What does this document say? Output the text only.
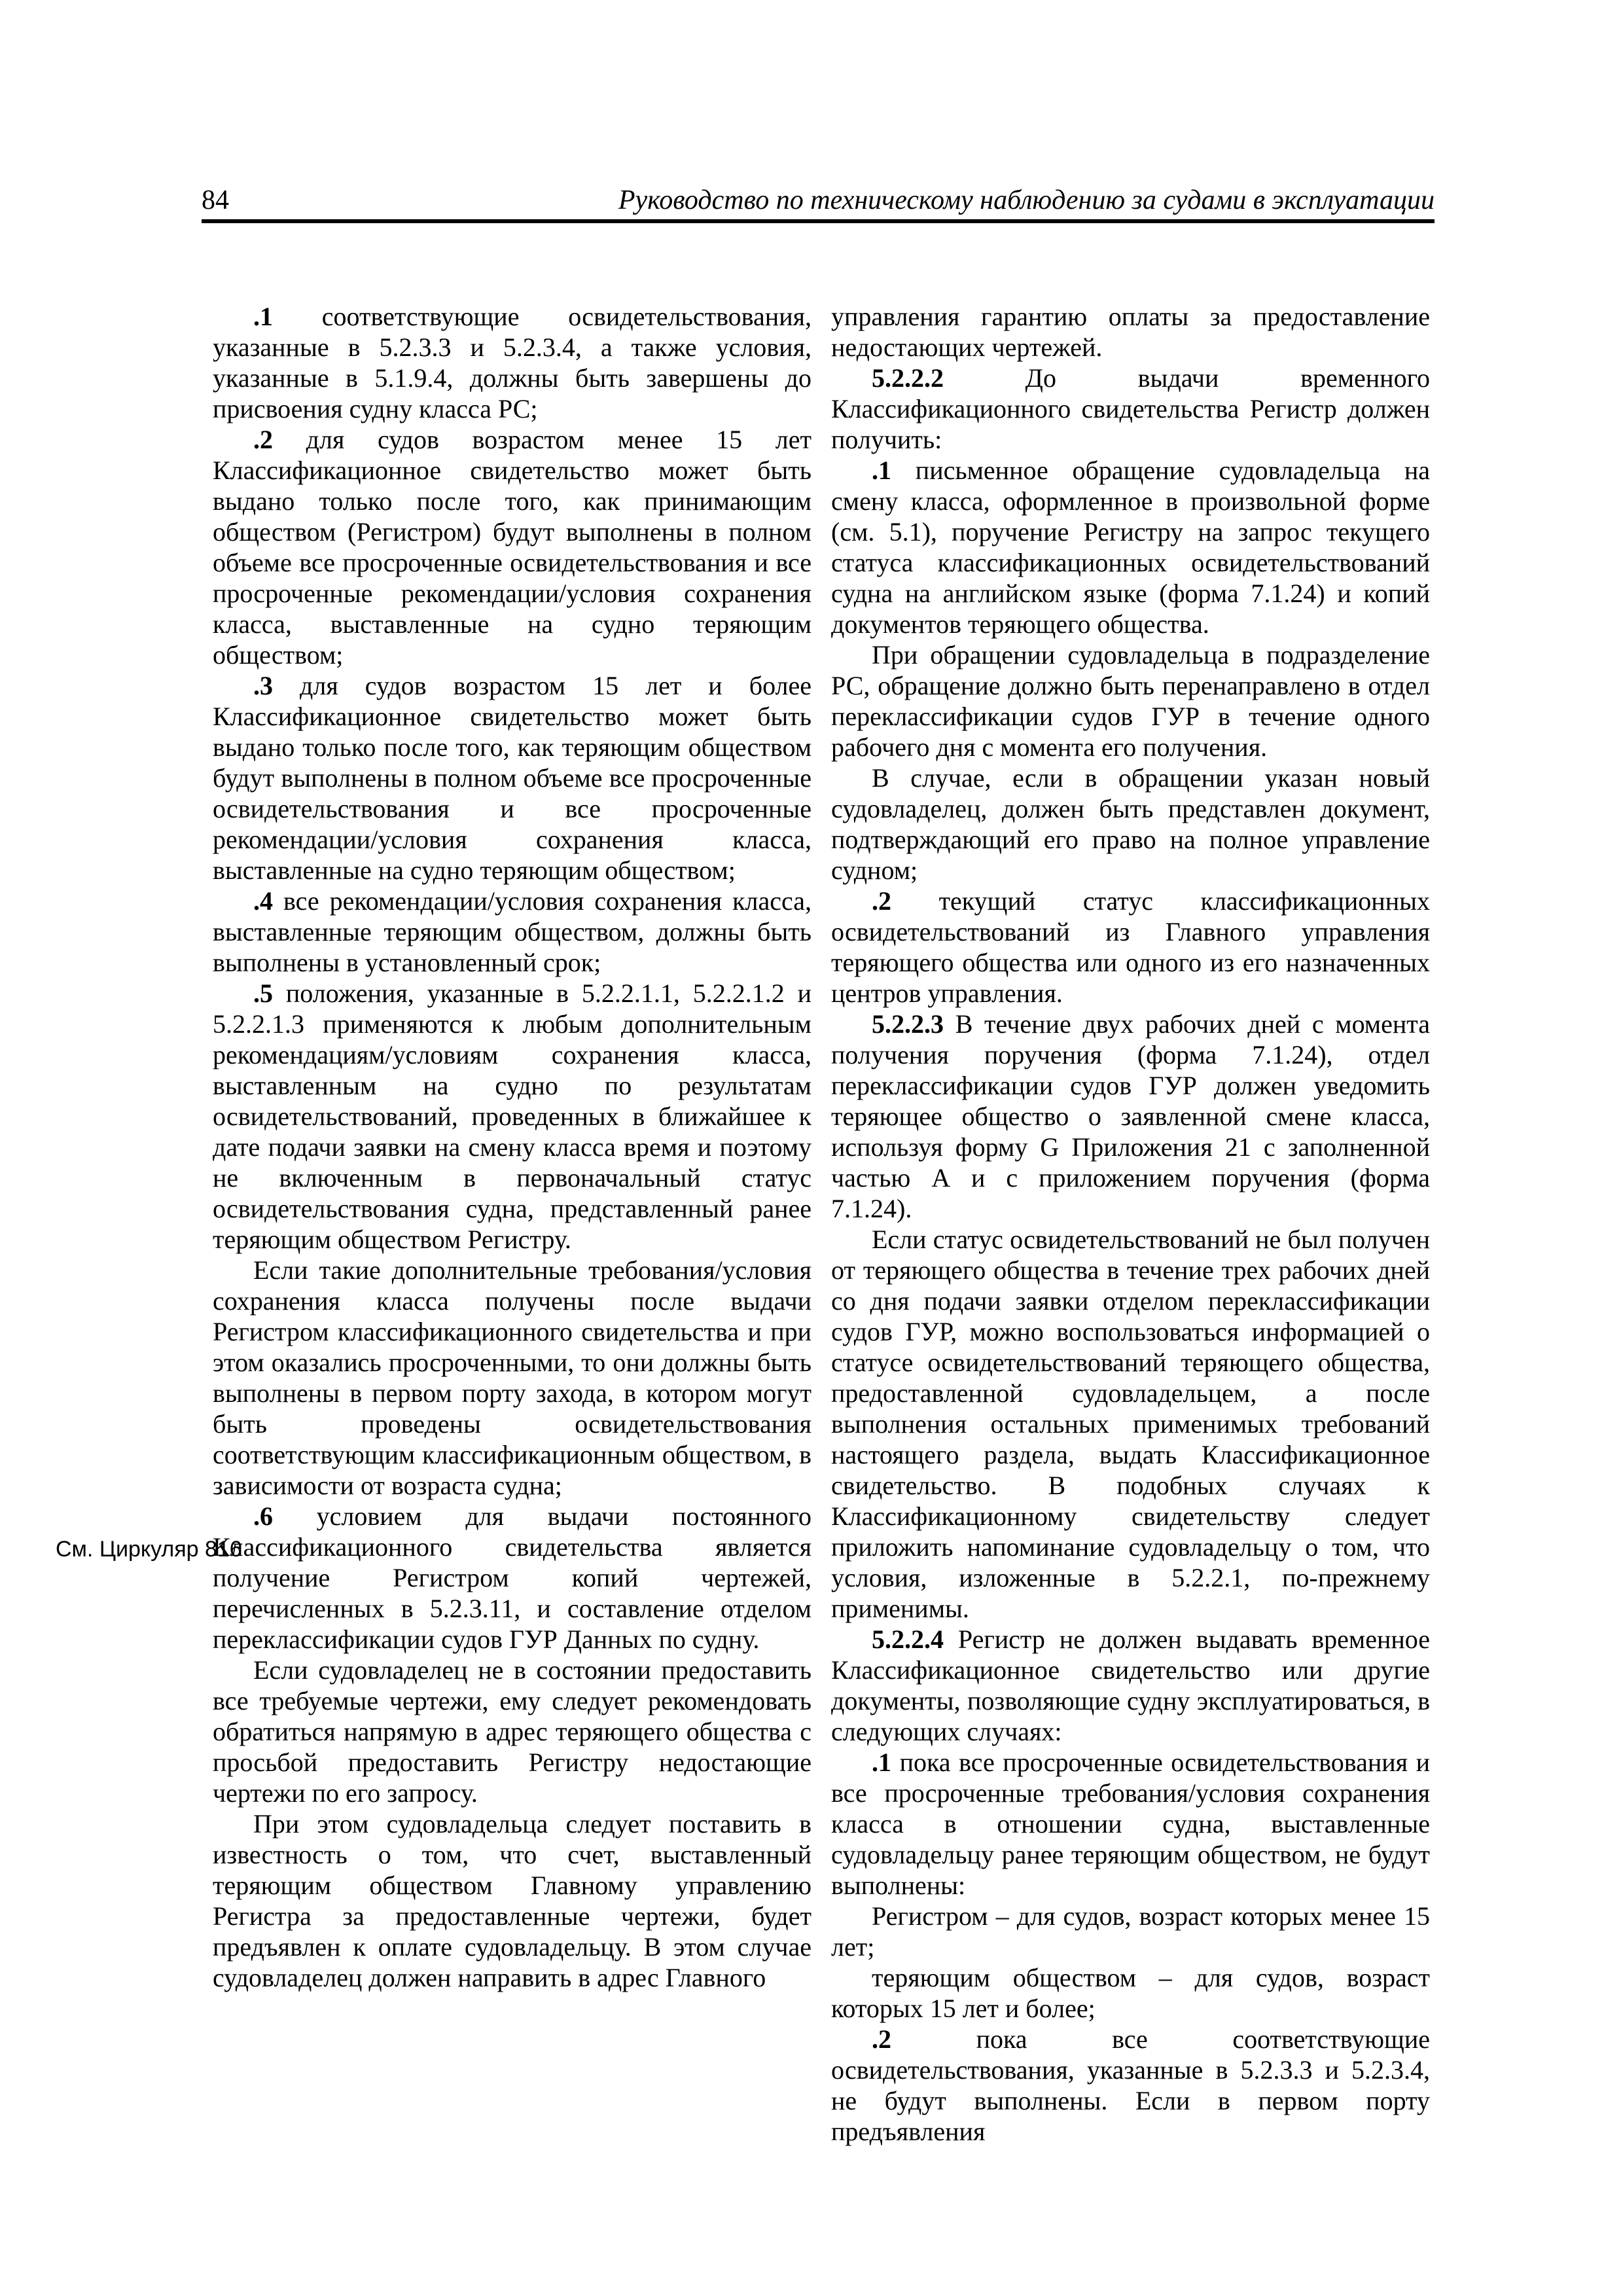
84	Руководство по техническому наблюдению за судами в эксплуатации
См. Циркуляр 816

.1 соответствующие освидетельствования, указанные в 5.2.3.3 и 5.2.3.4, а также условия, указанные в 5.1.9.4, должны быть завершены до присвоения судну класса РС;

.2 для судов возрастом менее 15 лет Классификационное свидетельство может быть выдано только после того, как принимающим обществом (Регистром) будут выполнены в полном объеме все просроченные освидетельствования и все просроченные рекомендации/условия сохранения класса, выставленные на судно теряющим обществом;

.3 для судов возрастом 15 лет и более Классификационное свидетельство может быть выдано только после того, как теряющим обществом будут выполнены в полном объеме все просроченные освидетельствования и все просроченные рекомендации/условия сохранения класса, выставленные на судно теряющим обществом;

.4 все рекомендации/условия сохранения класса, выставленные теряющим обществом, должны быть выполнены в установленный срок;

.5 положения, указанные в 5.2.2.1.1, 5.2.2.1.2 и 5.2.2.1.3 применяются к любым дополнительным рекомендациям/условиям сохранения класса, выставленным на судно по результатам освидетельствований, проведенных в ближайшее к дате подачи заявки на смену класса время и поэтому не включенным в первоначальный статус освидетельствования судна, представленный ранее теряющим обществом Регистру.

Если такие дополнительные требования/условия сохранения класса получены после выдачи Регистром классификационного свидетельства и при этом оказались просроченными, то они должны быть выполнены в первом порту захода, в котором могут быть проведены освидетельствования соответствующим классификационным обществом, в зависимости от возраста судна;

.6 условием для выдачи постоянного Классификационного свидетельства является получение Регистром копий чертежей, перечисленных в 5.2.3.11, и составление отделом переклассификации судов ГУР Данных по судну.

Если судовладелец не в состоянии предоставить все требуемые чертежи, ему следует рекомендовать обратиться напрямую в адрес теряющего общества с просьбой предоставить Регистру недостающие чертежи по его запросу.

При этом судовладельца следует поставить в известность о том, что счет, выставленный теряющим обществом Главному управлению Регистра за предоставленные чертежи, будет предъявлен к оплате судовладельцу. В этом случае судовладелец должен направить в адрес Главного

управления гарантию оплаты за предоставление недостающих чертежей.

5.2.2.2 До выдачи временного Классификационного свидетельства Регистр должен получить:

.1 письменное обращение судовладельца на смену класса, оформленное в произвольной форме (см. 5.1), поручение Регистру на запрос текущего статуса классификационных освидетельствований судна на английском языке (форма 7.1.24) и копий документов теряющего общества.

При обращении судовладельца в подразделение РС, обращение должно быть перенаправлено в отдел переклассификации судов ГУР в течение одного рабочего дня с момента его получения.

В случае, если в обращении указан новый судовладелец, должен быть представлен документ, подтверждающий его право на полное управление судном;

.2 текущий статус классификационных освидетельствований из Главного управления теряющего общества или одного из его назначенных центров управления.

5.2.2.3 В течение двух рабочих дней с момента получения поручения (форма 7.1.24), отдел переклассификации судов ГУР должен уведомить теряющее общество о заявленной смене класса, используя форму G Приложения 21 с заполненной частью А и с приложением поручения (форма 7.1.24).

Если статус освидетельствований не был получен от теряющего общества в течение трех рабочих дней со дня подачи заявки отделом переклассификации судов ГУР, можно воспользоваться информацией о статусе освидетельствований теряющего общества, предоставленной судовладельцем, а после выполнения остальных применимых требований настоящего раздела, выдать Классификационное свидетельство. В подобных случаях к Классификационному свидетельству следует приложить напоминание судовладельцу о том, что условия, изложенные в 5.2.2.1, по-прежнему применимы.

5.2.2.4 Регистр не должен выдавать временное Классификационное свидетельство или другие документы, позволяющие судну эксплуатироваться, в следующих случаях:

.1 пока все просроченные освидетельствования и все просроченные требования/условия сохранения класса в отношении судна, выставленные судовладельцу ранее теряющим обществом, не будут выполнены:

Регистром – для судов, возраст которых менее 15 лет;

теряющим обществом – для судов, возраст которых 15 лет и более;

.2 пока все соответствующие освидетельствования, указанные в 5.2.3.3 и 5.2.3.4, не будут выполнены. Если в первом порту предъявления
